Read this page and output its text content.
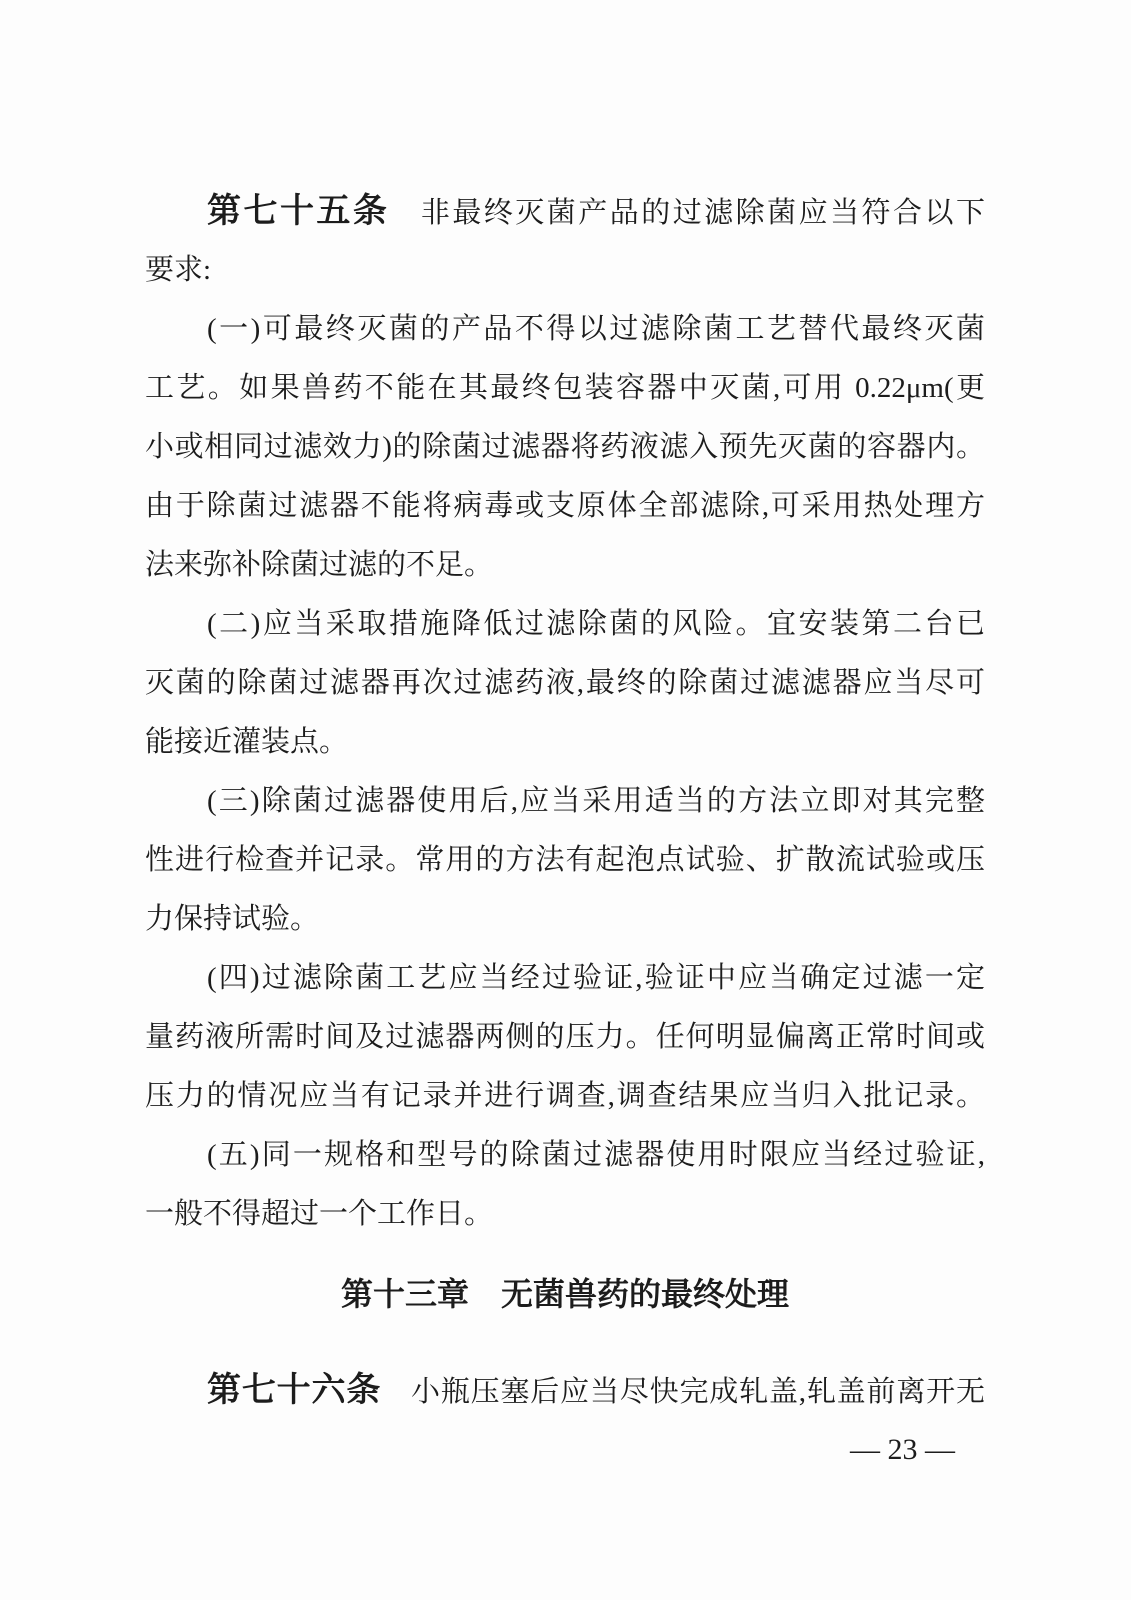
第七十五条　非最终灭菌产品的过滤除菌应当符合以下

要求:

(一)可最终灭菌的产品不得以过滤除菌工艺替代最终灭菌

工艺。如果兽药不能在其最终包装容器中灭菌,可用 0.22μm(更

小或相同过滤效力)的除菌过滤器将药液滤入预先灭菌的容器内。

由于除菌过滤器不能将病毒或支原体全部滤除,可采用热处理方

法来弥补除菌过滤的不足。

(二)应当采取措施降低过滤除菌的风险。宜安装第二台已

灭菌的除菌过滤器再次过滤药液,最终的除菌过滤滤器应当尽可

能接近灌装点。

(三)除菌过滤器使用后,应当采用适当的方法立即对其完整

性进行检查并记录。常用的方法有起泡点试验、扩散流试验或压

力保持试验。

(四)过滤除菌工艺应当经过验证,验证中应当确定过滤一定

量药液所需时间及过滤器两侧的压力。任何明显偏离正常时间或

压力的情况应当有记录并进行调查,调查结果应当归入批记录。

(五)同一规格和型号的除菌过滤器使用时限应当经过验证,

一般不得超过一个工作日。

第十三章　无菌兽药的最终处理

第七十六条　小瓶压塞后应当尽快完成轧盖,轧盖前离开无

— 23 —
